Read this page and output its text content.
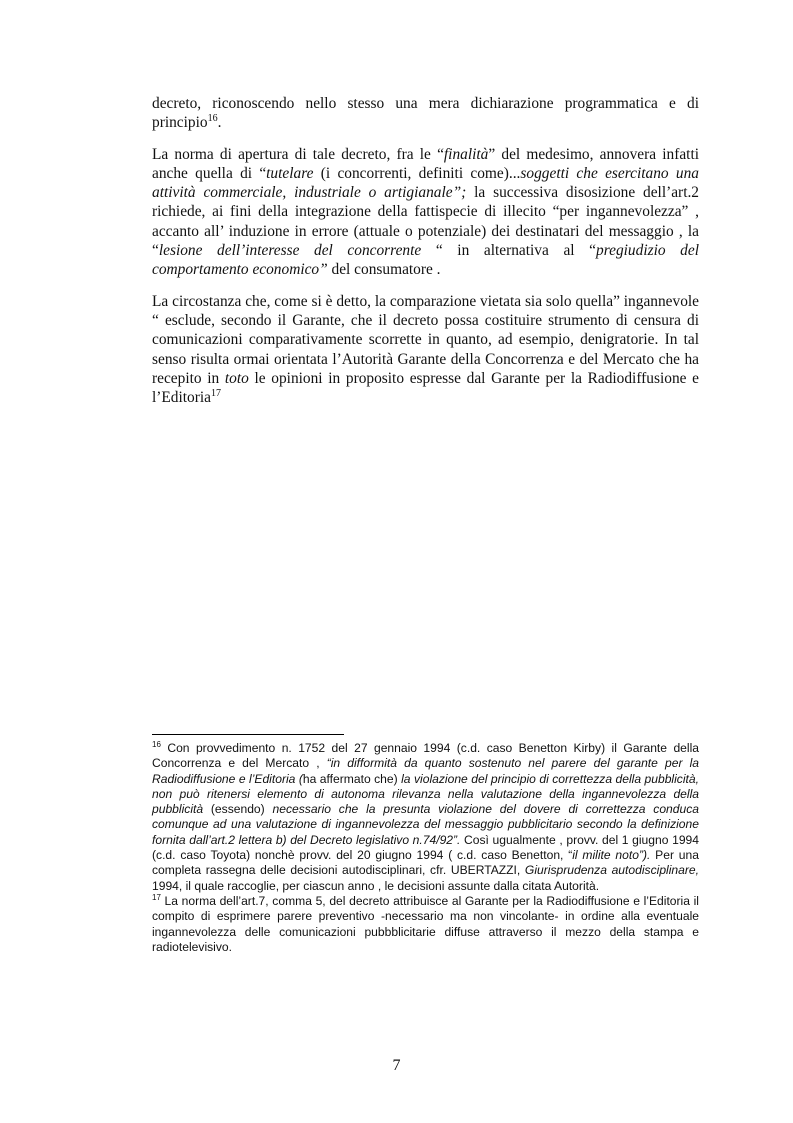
decreto, riconoscendo nello stesso una mera dichiarazione programmatica e di principio$^{16}$.

La norma di apertura di tale decreto, fra le “finalità” del medesimo, annovera infatti anche quella di “tutelare (i concorrenti, definiti come)...soggetti che esercitano una attività commerciale, industriale o artigianale”; la successiva disosizione dell’art.2 richiede, ai fini della integrazione della fattispecie di illecito “per ingannevolezza” , accanto all’ induzione in errore (attuale o potenziale) dei destinatari del messaggio , la “lesione dell’interesse del concorrente “ in alternativa al “pregiudizio del comportamento economico” del consumatore .

La circostanza che, come si è detto, la comparazione vietata sia solo quella” ingannevole “ esclude, secondo il Garante, che il decreto possa costituire strumento di censura di comunicazioni comparativamente scorrette in quanto, ad esempio, denigratorie. In tal senso risulta ormai orientata l’Autorità Garante della Concorrenza e del Mercato che ha recepito in toto le opinioni in proposito espresse dal Garante per la Radiodiffusione e l’Editoria$^{17}$

$^{16}$ Con provvedimento n. 1752 del 27 gennaio 1994 (c.d. caso Benetton Kirby) il Garante della Concorrenza e del Mercato , “in difformità da quanto sostenuto nel parere del garante per la Radiodiffusione e l’Editoria (ha affermato che) la violazione del principio di correttezza della pubblicità, non può ritenersi elemento di autonoma rilevanza nella valutazione della ingannevolezza della pubblicità (essendo) necessario che la presunta violazione del dovere di correttezza conduca comunque ad una valutazione di ingannevolezza del messaggio pubblicitario secondo la definizione fornita dall’art.2 lettera b) del Decreto legislativo n.74/92”. Così ugualmente , provv. del 1 giugno 1994 (c.d. caso Toyota) nonchè provv. del 20 giugno 1994 ( c.d. caso Benetton, “il milite noto”). Per una completa rassegna delle decisioni autodisciplinari, cfr. UBERTAZZI, Giurisprudenza autodisciplinare, 1994, il quale raccoglie, per ciascun anno , le decisioni assunte dalla citata Autorità.

$^{17}$ La norma dell’art.7, comma 5, del decreto attribuisce al Garante per la Radiodiffusione e l’Editoria il compito di esprimere parere preventivo -necessario ma non vincolante- in ordine alla eventuale ingannevolezza delle comunicazioni pubbblicitarie diffuse attraverso il mezzo della stampa e radiotelevisivo.

7
